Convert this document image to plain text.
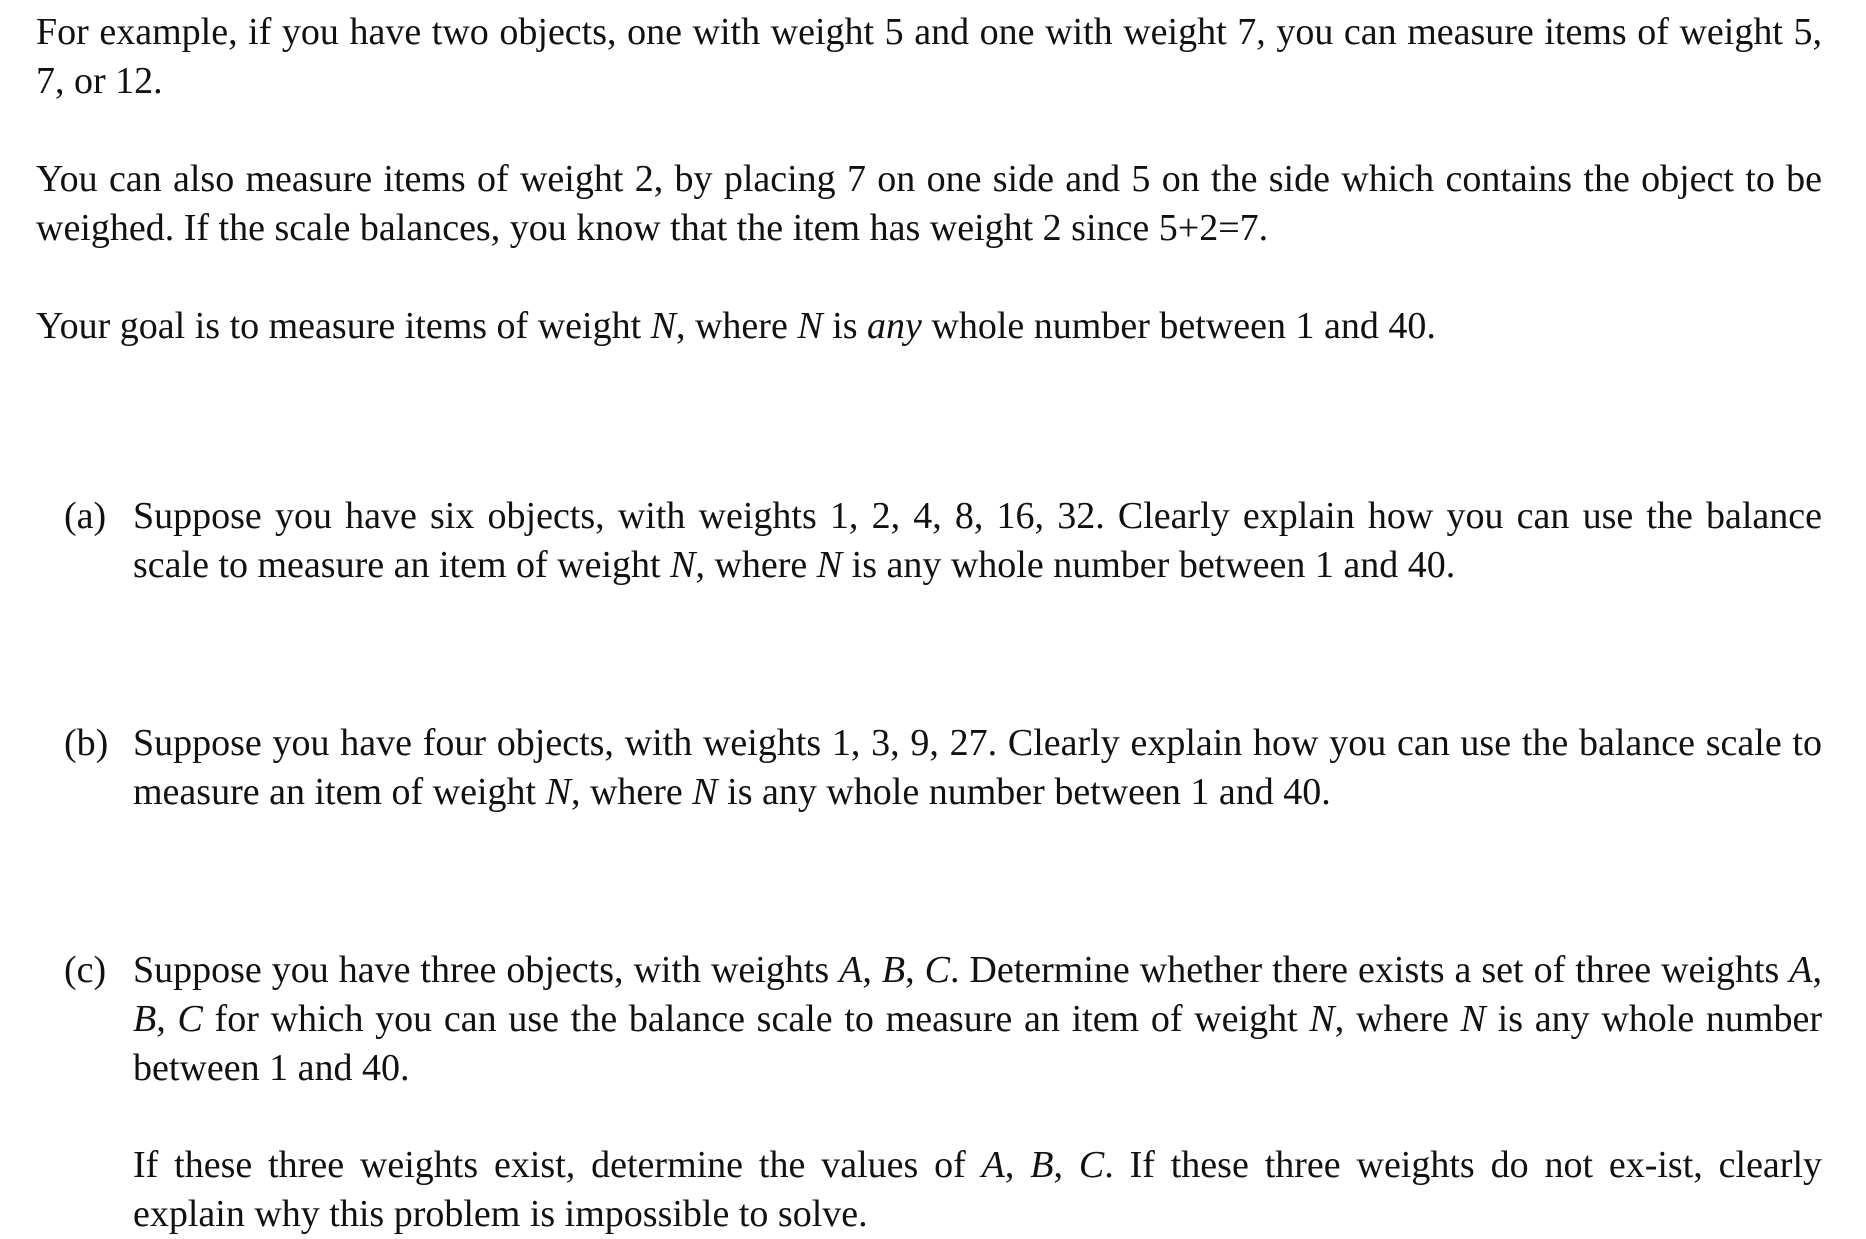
For example, if you have two objects, one with weight 5 and one with weight 7, you can measure items of weight 5, 7, or 12.

You can also measure items of weight 2, by placing 7 on one side and 5 on the side which contains the object to be weighed. If the scale balances, you know that the item has weight 2 since 5+2=7.

Your goal is to measure items of weight N, where N is any whole number between 1 and 40.

(a) Suppose you have six objects, with weights 1, 2, 4, 8, 16, 32. Clearly explain how you can use the balance scale to measure an item of weight N, where N is any whole number between 1 and 40.
(b) Suppose you have four objects, with weights 1, 3, 9, 27. Clearly explain how you can use the balance scale to measure an item of weight N, where N is any whole number between 1 and 40.
(c) Suppose you have three objects, with weights A, B, C. Determine whether there exists a set of three weights A, B, C for which you can use the balance scale to measure an item of weight N, where N is any whole number between 1 and 40.

If these three weights exist, determine the values of A, B, C. If these three weights do not ex-ist, clearly explain why this problem is impossible to solve.
